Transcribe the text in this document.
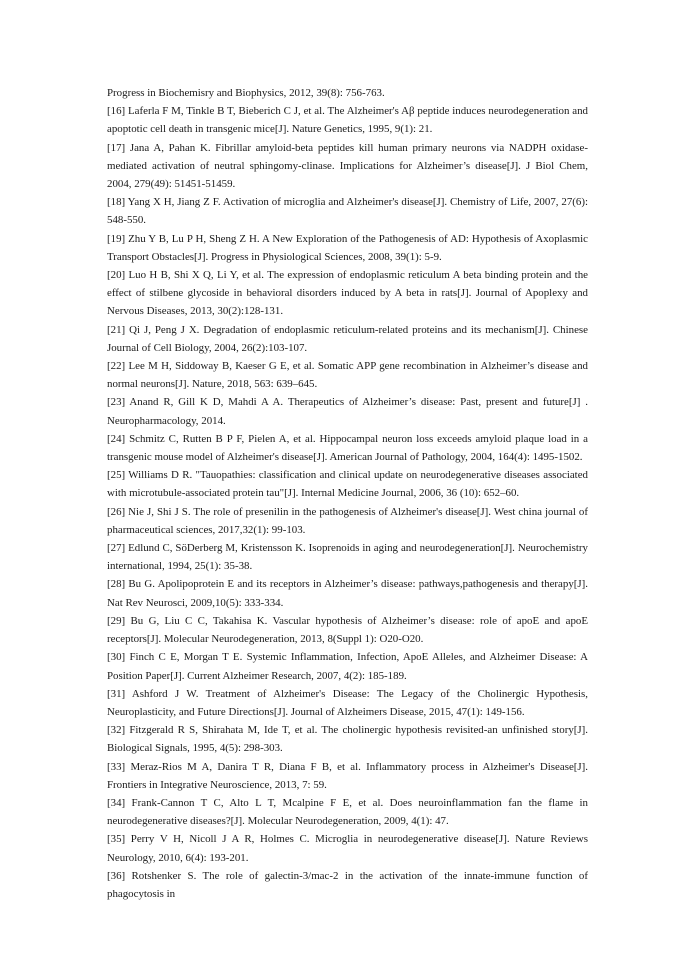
Progress in Biochemisry and Biophysics, 2012, 39(8): 756-763.

[16] Laferla F M, Tinkle B T, Bieberich C J, et al. The Alzheimer's Aβ peptide induces neurodegeneration and apoptotic cell death in transgenic mice[J]. Nature Genetics, 1995, 9(1): 21.

[17] Jana A, Pahan K. Fibrillar amyloid-beta peptides kill human primary neurons via NADPH oxidase-mediated activation of neutral sphingomy-clinase. Implications for Alzheimer’s disease[J]. J Biol Chem, 2004, 279(49): 51451-51459.

[18] Yang X H, Jiang Z F. Activation of microglia and Alzheimer's disease[J]. Chemistry of Life, 2007, 27(6): 548-550.

[19] Zhu Y B, Lu P H, Sheng Z H. A New Exploration of the Pathogenesis of AD: Hypothesis of Axoplasmic Transport Obstacles[J]. Progress in Physiological Sciences, 2008, 39(1): 5-9.

[20] Luo H B, Shi X Q, Li Y, et al. The expression of endoplasmic reticulum A beta binding protein and the effect of stilbene glycoside in behavioral disorders induced by A beta in rats[J]. Journal of Apoplexy and Nervous Diseases, 2013, 30(2):128-131.

[21] Qi J, Peng J X. Degradation of endoplasmic reticulum-related proteins and its mechanism[J]. Chinese Journal of Cell Biology, 2004, 26(2):103-107.

[22] Lee M H, Siddoway B, Kaeser G E, et al. Somatic APP gene recombination in Alzheimer’s disease and normal neurons[J]. Nature, 2018, 563: 639–645.

[23] Anand R, Gill K D, Mahdi A A. Therapeutics of Alzheimer’s disease: Past, present and future[J] . Neuropharmacology, 2014.

[24] Schmitz C, Rutten B P F, Pielen A, et al. Hippocampal neuron loss exceeds amyloid plaque load in a transgenic mouse model of Alzheimer's disease[J]. American Journal of Pathology, 2004, 164(4): 1495-1502.

[25] Williams D R. "Tauopathies: classification and clinical update on neurodegenerative diseases associated with microtubule-associated protein tau"[J]. Internal Medicine Journal, 2006, 36 (10): 652–60.

[26] Nie J, Shi J S. The role of presenilin in the pathogenesis of Alzheimer's disease[J]. West china journal of pharmaceutical sciences, 2017,32(1): 99-103.

[27] Edlund C, SöDerberg M, Kristensson K. Isoprenoids in aging and neurodegeneration[J]. Neurochemistry international, 1994, 25(1): 35-38.

[28] Bu G. Apolipoprotein E and its receptors in Alzheimer’s disease: pathways,pathogenesis and therapy[J]. Nat Rev Neurosci, 2009,10(5): 333-334.

[29] Bu G, Liu C C, Takahisa K. Vascular hypothesis of Alzheimer’s disease: role of apoE and apoE receptors[J]. Molecular Neurodegeneration, 2013, 8(Suppl 1): O20-O20.

[30] Finch C E, Morgan T E. Systemic Inflammation, Infection, ApoE Alleles, and Alzheimer Disease: A Position Paper[J]. Current Alzheimer Research, 2007, 4(2): 185-189.

[31] Ashford J W. Treatment of Alzheimer's Disease: The Legacy of the Cholinergic Hypothesis, Neuroplasticity, and Future Directions[J]. Journal of Alzheimers Disease, 2015, 47(1): 149-156.

[32] Fitzgerald R S, Shirahata M, Ide T, et al. The cholinergic hypothesis revisited-an unfinished story[J]. Biological Signals, 1995, 4(5): 298-303.

[33] Meraz-Rios M A, Danira T R, Diana F B, et al. Inflammatory process in Alzheimer's Disease[J]. Frontiers in Integrative Neuroscience, 2013, 7: 59.

[34] Frank-Cannon T C, Alto L T, Mcalpine F E, et al. Does neuroinflammation fan the flame in neurodegenerative diseases?[J]. Molecular Neurodegeneration, 2009, 4(1): 47.

[35] Perry V H, Nicoll J A R, Holmes C. Microglia in neurodegenerative disease[J]. Nature Reviews Neurology, 2010, 6(4): 193-201.

[36] Rotshenker S. The role of galectin-3/mac-2 in the activation of the innate-immune function of phagocytosis in
